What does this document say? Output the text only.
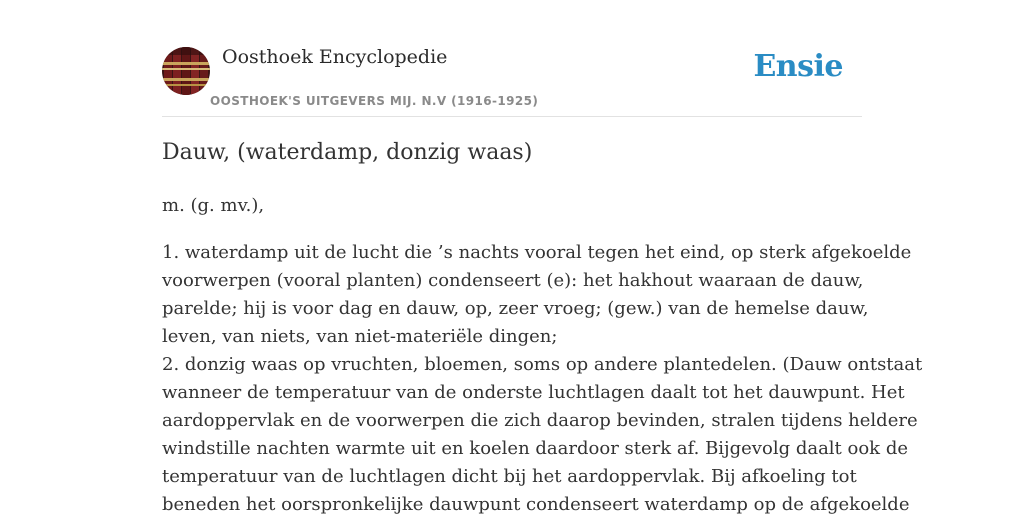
Oosthoek Encyclopedie
OOSTHOEK'S UITGEVERS MIJ. N.V (1916-1925)
Ensie
Dauw, (waterdamp, donzig waas)
m. (g. mv.),
1. waterdamp uit de lucht die ’s nachts vooral tegen het eind, op sterk afgekoelde
voorwerpen (vooral planten) condenseert (e): het hakhout waaraan de dauw,
parelde; hij is voor dag en dauw, op, zeer vroeg; (gew.) van de hemelse dauw,
leven, van niets, van niet-materiële dingen;
2. donzig waas op vruchten, bloemen, soms op andere plantedelen. (Dauw ontstaat
wanneer de temperatuur van de onderste luchtlagen daalt tot het dauwpunt. Het
aardoppervlak en de voorwerpen die zich daarop bevinden, stralen tijdens heldere
windstille nachten warmte uit en koelen daardoor sterk af. Bijgevolg daalt ook de
temperatuur van de luchtlagen dicht bij het aardoppervlak. Bij afkoeling tot
beneden het oorspronkelijke dauwpunt condenseert waterdamp op de afgekoelde
